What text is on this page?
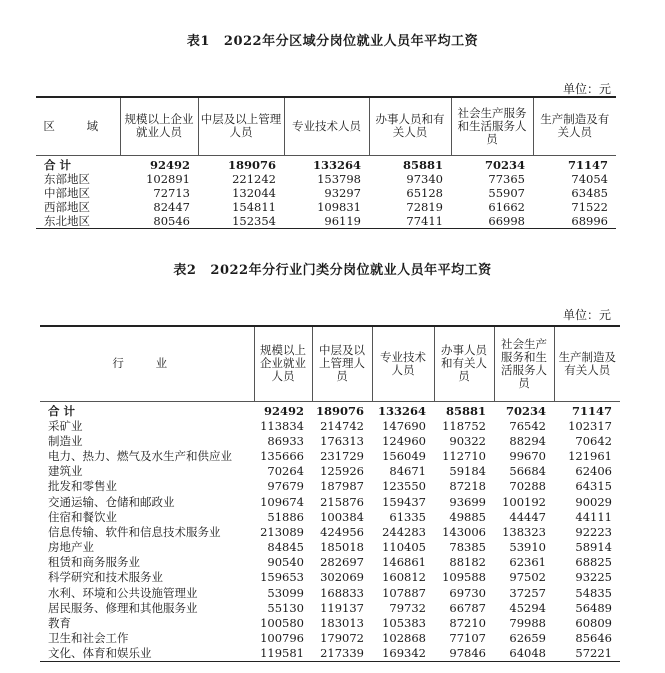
表1 2022年分区域分岗位就业人员年平均工资
单位：元
区 域	规模以上企业就业人员	中层及以上管理人员	专业技术人员	办事人员和有关人员	社会生产服务和生活服务人员	生产制造及有关人员
合 计	92492	189076	133264	85881	70234	71147
东部地区	102891	221242	153798	97340	77365	74054
中部地区	72713	132044	93297	65128	55907	63485
西部地区	82447	154811	109831	72819	61662	71522
东北地区	80546	152354	96119	77411	66998	68996
表2 2022年分行业门类分岗位就业人员年平均工资
单位：元
行 业	规模以上企业就业人员	中层及以上管理人员	专业技术人员	办事人员和有关人员	社会生产服务和生活服务人员	生产制造及有关人员
合 计	92492	189076	133264	85881	70234	71147
采矿业	113834	214742	147690	118752	76542	102317
制造业	86933	176313	124960	90322	88294	70642
电力、热力、燃气及水生产和供应业	135666	231729	156049	112710	99670	121961
建筑业	70264	125926	84671	59184	56684	62406
批发和零售业	97679	187987	123550	87218	70288	64315
交通运输、仓储和邮政业	109674	215876	159437	93699	100192	90029
住宿和餐饮业	51886	100384	61335	49885	44447	44111
信息传输、软件和信息技术服务业	213089	424956	244283	143006	138323	92223
房地产业	84845	185018	110405	78385	53910	58914
租赁和商务服务业	90540	282697	146861	88182	62361	68825
科学研究和技术服务业	159653	302069	160812	109588	97502	93225
水利、环境和公共设施管理业	53099	168833	107887	69730	37257	54835
居民服务、修理和其他服务业	55130	119137	79732	66787	45294	56489
教育	100580	183013	105383	87210	79988	60809
卫生和社会工作	100796	179072	102868	77107	62659	85646
文化、体育和娱乐业	119581	217339	169342	97846	64048	57221
